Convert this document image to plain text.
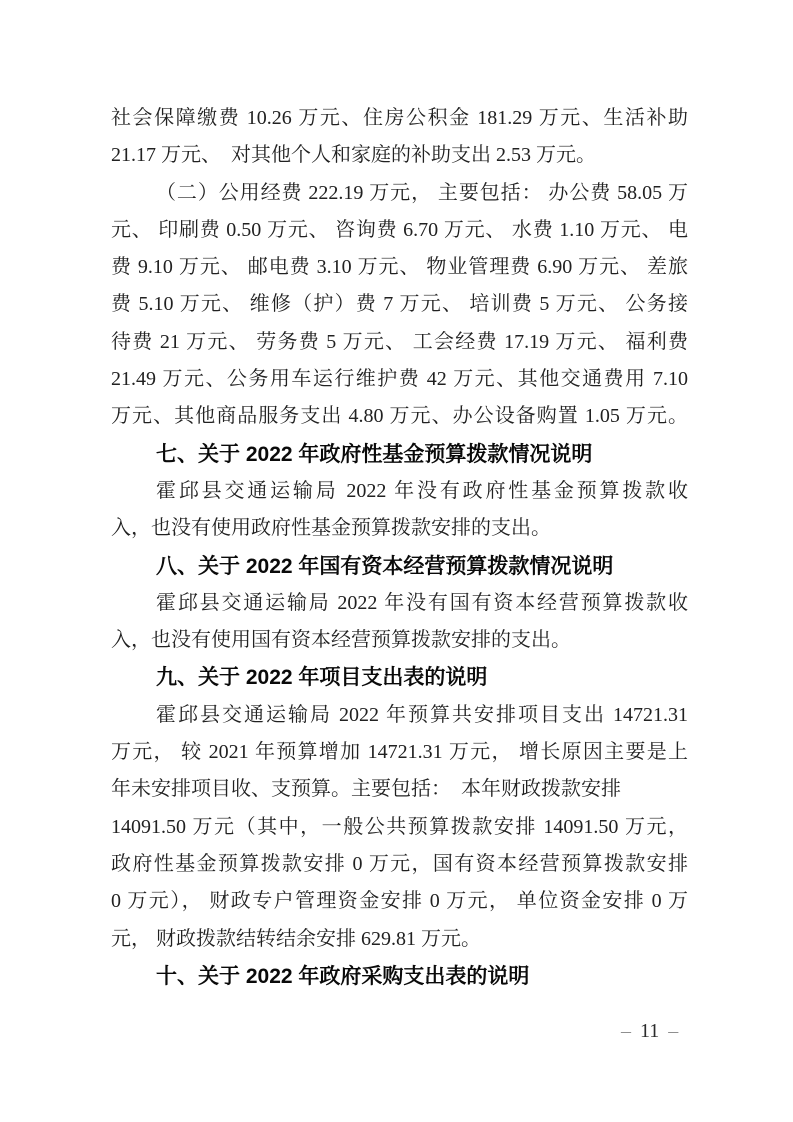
社会保障缴费 10.26 万元、住房公积金 181.29 万元、生活补助
21.17 万元、　对其他个人和家庭的补助支出 2.53 万元。
（二）公用经费 222.19 万元， 主要包括： 办公费 58.05 万
元、 印刷费 0.50 万元、 咨询费 6.70 万元、 水费 1.10 万元、 电
费 9.10 万元、 邮电费 3.10 万元、 物业管理费 6.90 万元、 差旅
费 5.10 万元、 维修（护）费 7 万元、 培训费 5 万元、 公务接
待费 21 万元、 劳务费 5 万元、 工会经费 17.19 万元、 福利费
21.49 万元、公务用车运行维护费 42 万元、其他交通费用 7.10
万元、其他商品服务支出 4.80 万元、办公设备购置 1.05 万元。
七、关于 2022 年政府性基金预算拨款情况说明
霍邱县交通运输局 2022 年没有政府性基金预算拨款收
入，也没有使用政府性基金预算拨款安排的支出。
八、关于 2022 年国有资本经营预算拨款情况说明
霍邱县交通运输局 2022 年没有国有资本经营预算拨款收
入，也没有使用国有资本经营预算拨款安排的支出。
九、关于 2022 年项目支出表的说明
霍邱县交通运输局 2022 年预算共安排项目支出 14721.31
万元， 较 2021 年预算增加 14721.31 万元， 增长原因主要是上
年未安排项目收、支预算。主要包括：　本年财政拨款安排
14091.50 万元（其中，一般公共预算拨款安排 14091.50 万元，
政府性基金预算拨款安排 0 万元，国有资本经营预算拨款安排
0 万元）， 财政专户管理资金安排 0 万元， 单位资金安排 0 万
元， 财政拨款结转结余安排 629.81 万元。
十、关于 2022 年政府采购支出表的说明
– 11 –
